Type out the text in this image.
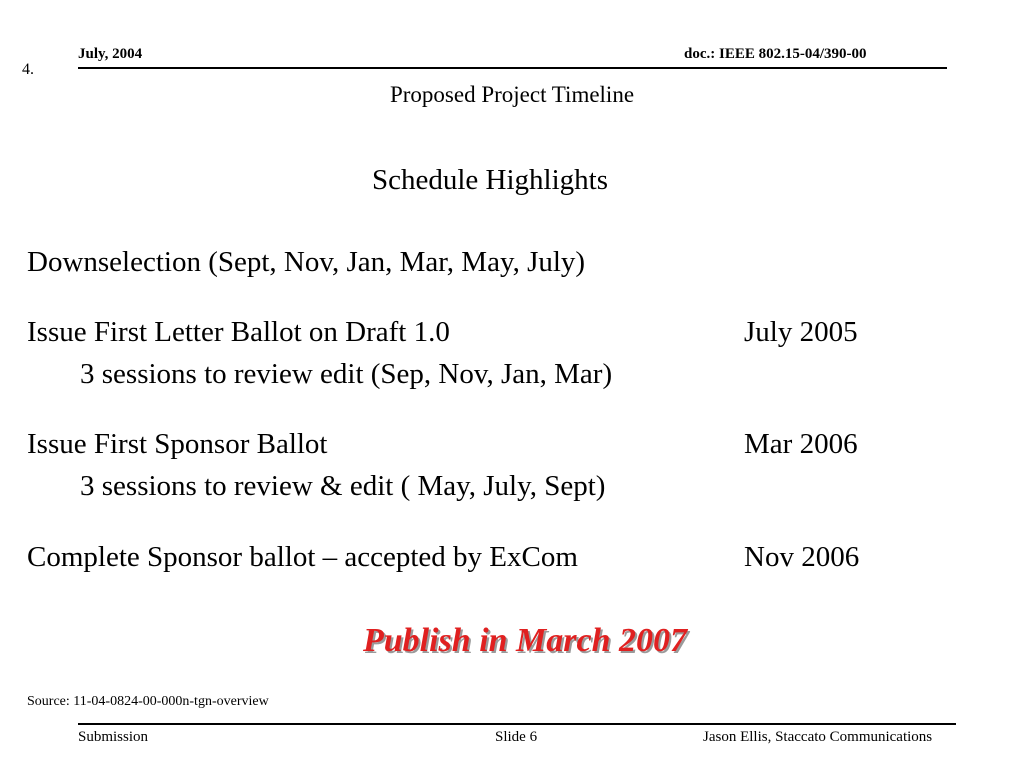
July, 2004	doc.: IEEE 802.15-04/390-00
4.
Proposed Project Timeline
Schedule Highlights
Downselection (Sept, Nov, Jan, Mar, May, July)
Issue First Letter Ballot on Draft 1.0	July 2005
3 sessions to review edit (Sep, Nov, Jan, Mar)
Issue First Sponsor Ballot	Mar 2006
3 sessions to review & edit ( May, July, Sept)
Complete Sponsor ballot – accepted by ExCom	Nov 2006
Publish in March 2007
Source: 11-04-0824-00-000n-tgn-overview
Submission	Slide 6	Jason Ellis, Staccato Communications
